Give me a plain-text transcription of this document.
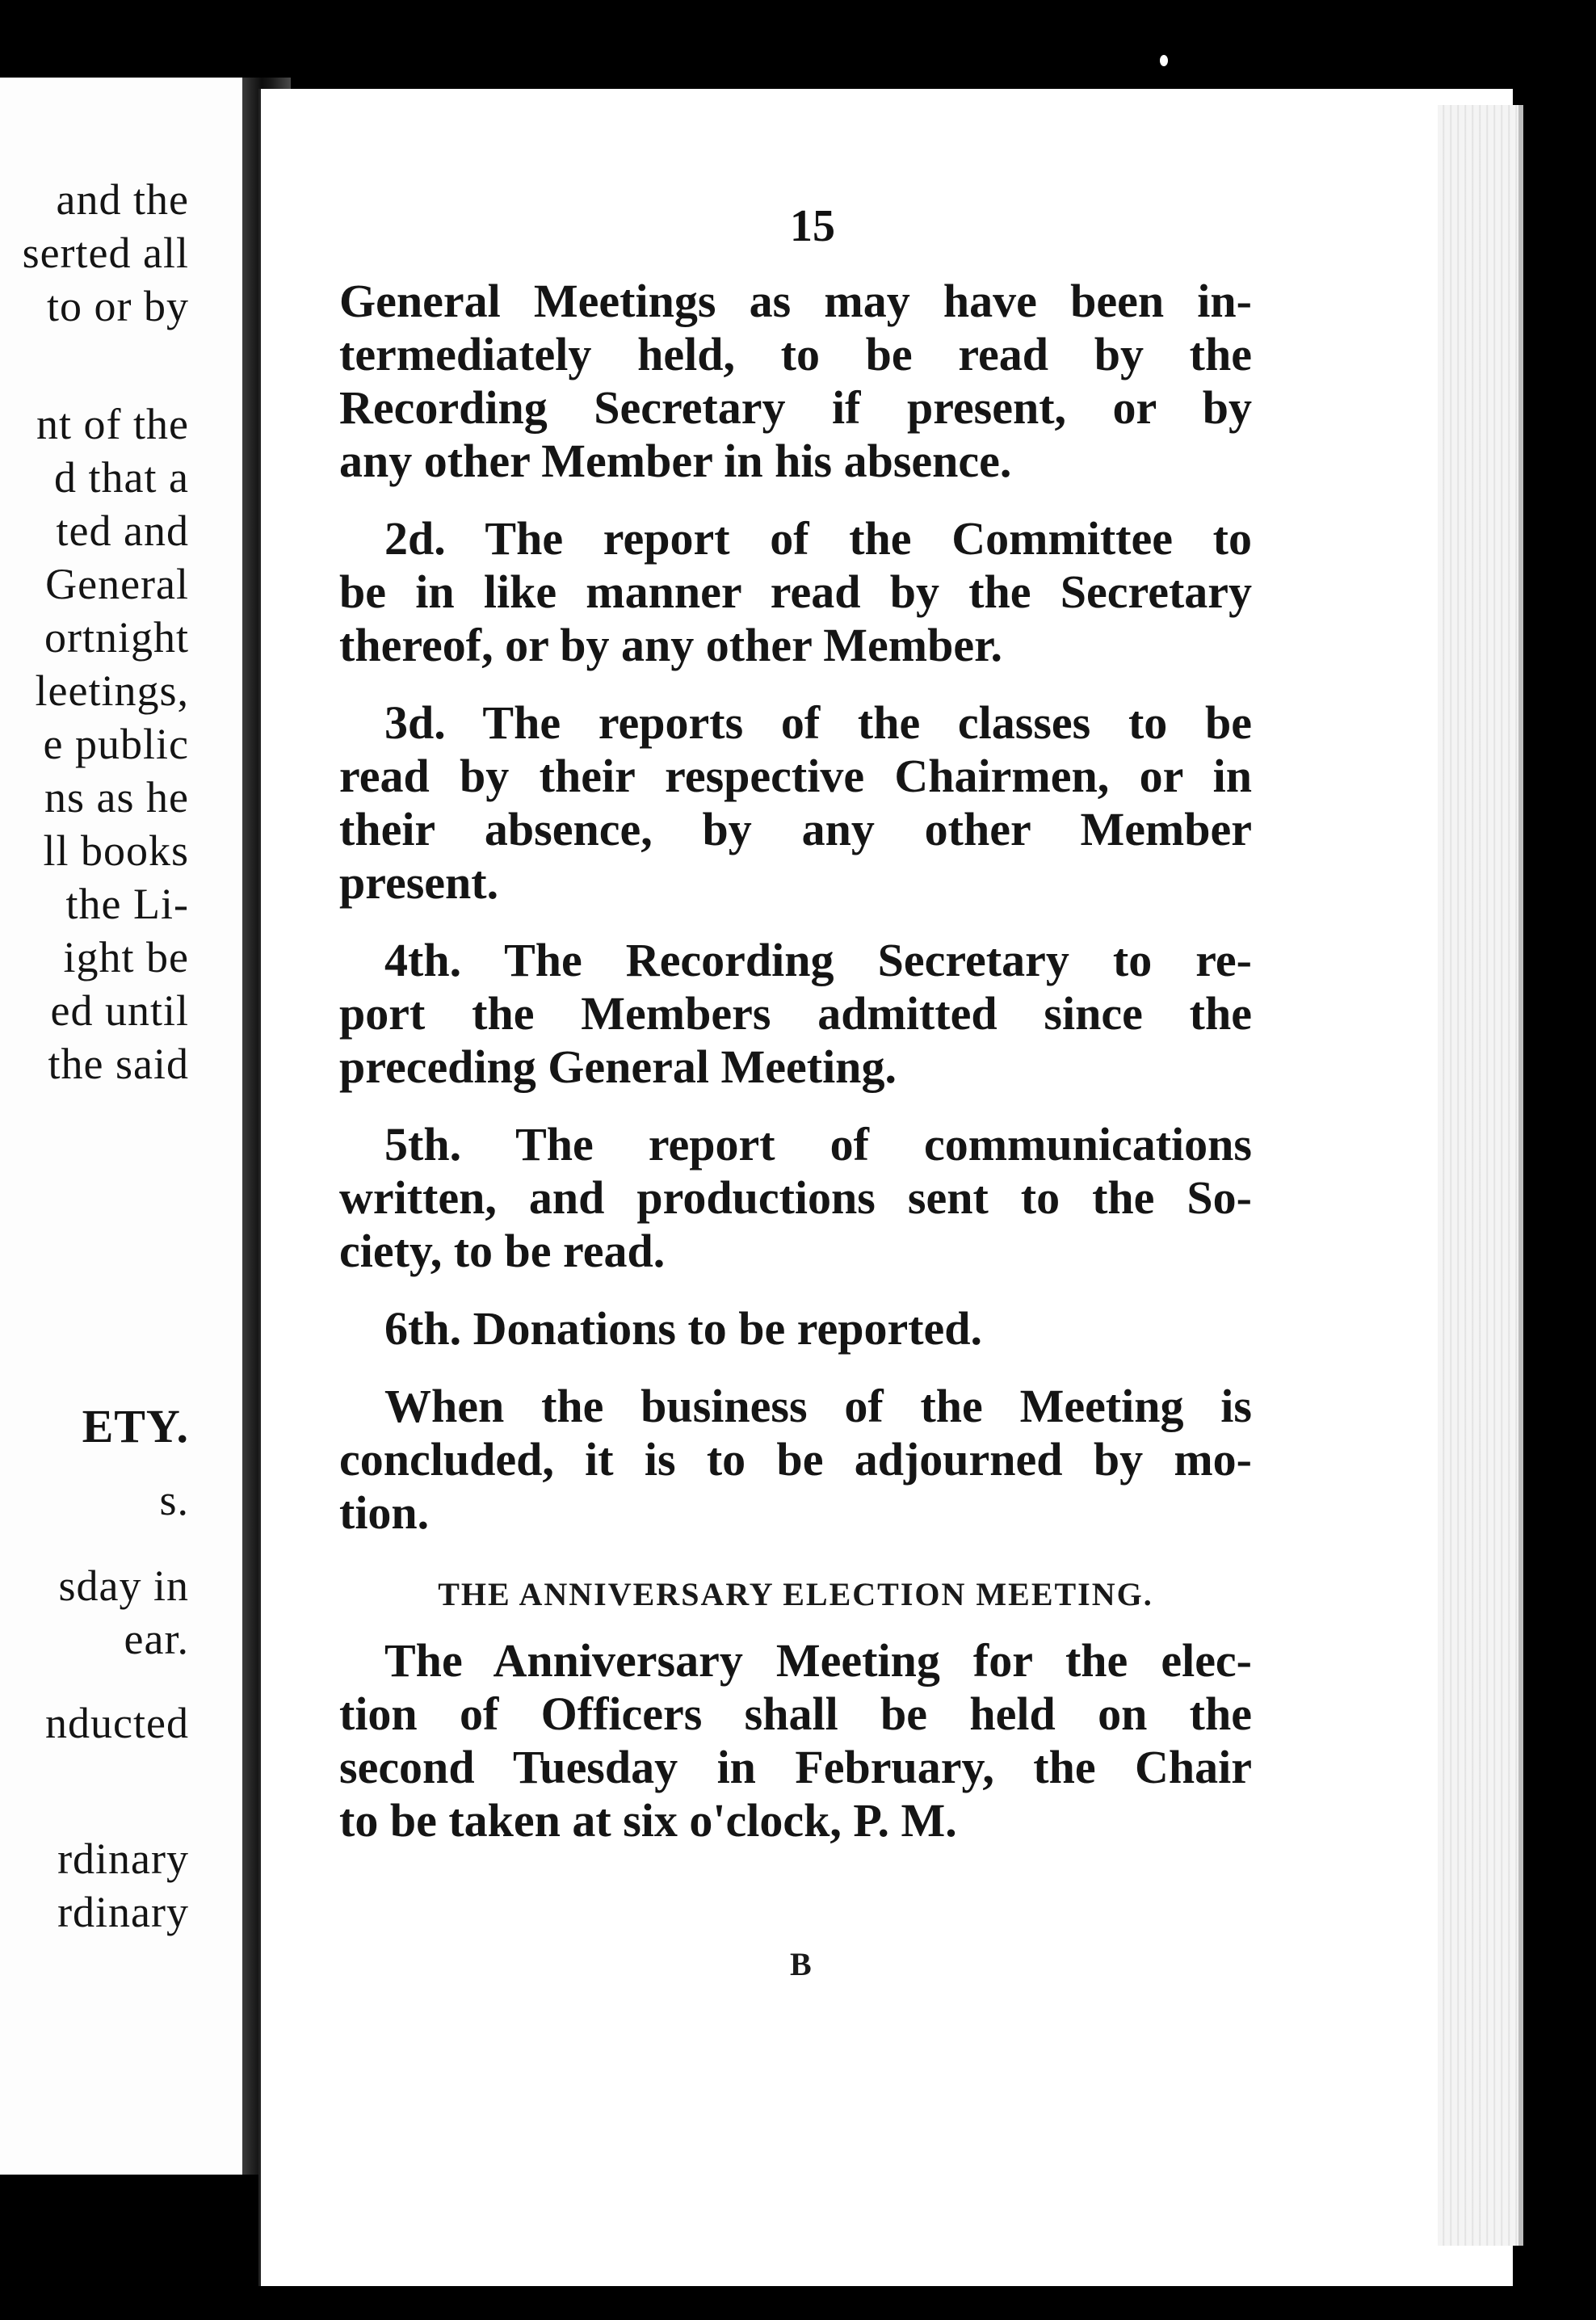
and the
serted all
to or by
nt of the
d that a
ted and
General
ortnight
leetings,
e public
ns as he
ll books
the Li-
ight be
ed until
the said
ETY.
s.
sday in
ear.
nducted
rdinary
rdinary
15
General Meetings as may have been in-
termediately held, to be read by the
Recording Secretary if present, or by
any other Member in his absence.
2d. The report of the Committee to
be in like manner read by the Secretary
thereof, or by any other Member.
3d. The reports of the classes to be
read by their respective Chairmen, or in
their absence, by any other Member
present.
4th. The Recording Secretary to re-
port the Members admitted since the
preceding General Meeting.
5th. The report of communications
written, and productions sent to the So-
ciety, to be read.
6th. Donations to be reported.
When the business of the Meeting is
concluded, it is to be adjourned by mo-
tion.
THE ANNIVERSARY ELECTION MEETING.
The Anniversary Meeting for the elec-
tion of Officers shall be held on the
second Tuesday in February, the Chair
to be taken at six o'clock, P. M.
B
